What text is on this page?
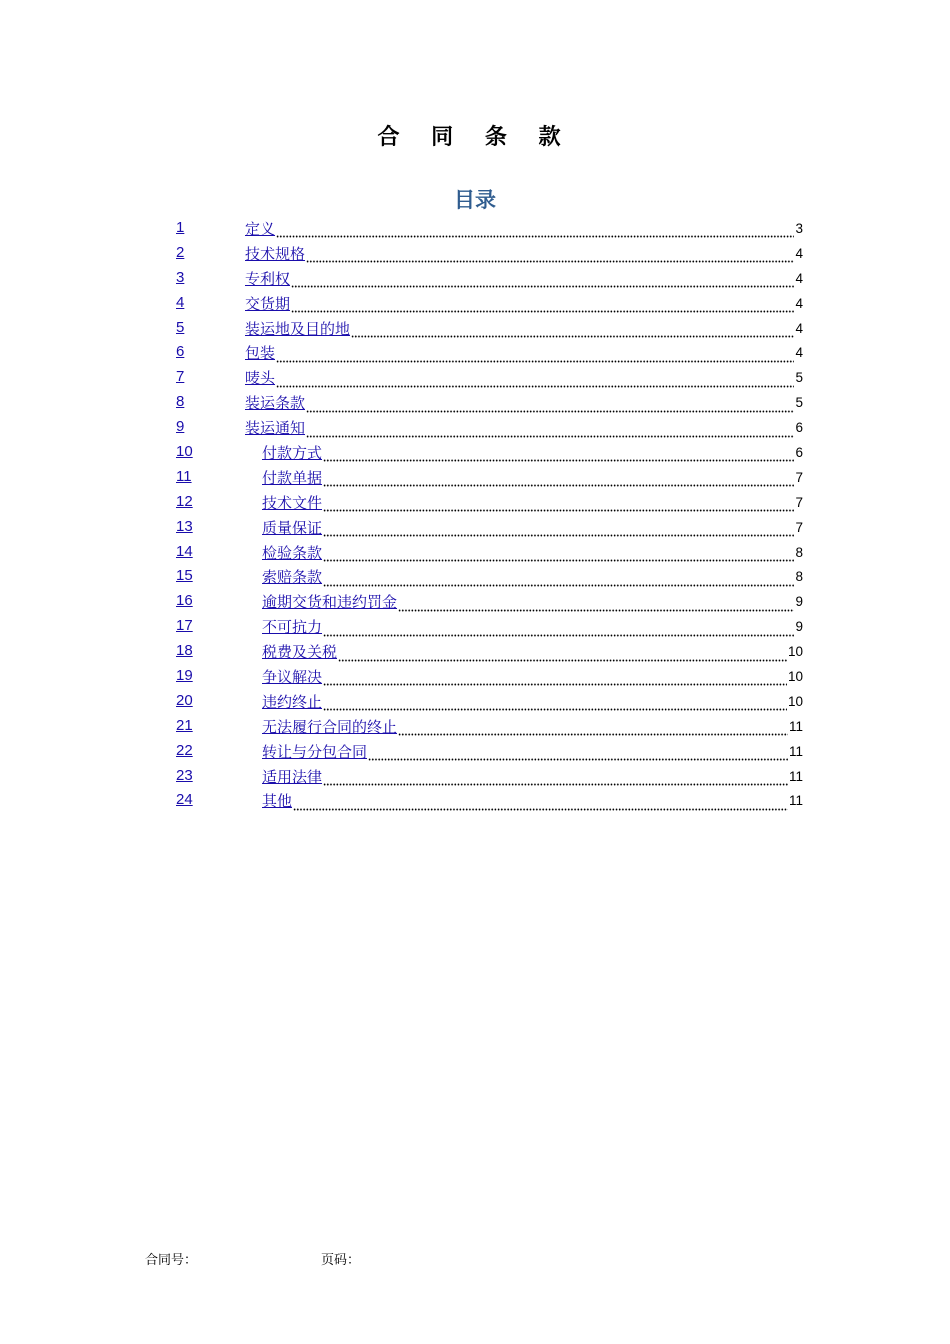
合 同 条 款
目录
1	定义	3
2	技术规格	4
3	专利权	4
4	交货期	4
5	装运地及目的地	4
6	包装	4
7	唛头	5
8	装运条款	5
9	装运通知	6
10	付款方式	6
11	付款单据	7
12	技术文件	7
13	质量保证	7
14	检验条款	8
15	索赔条款	8
16	逾期交货和违约罚金	9
17	不可抗力	9
18	税费及关税	10
19	争议解决	10
20	违约终止	10
21	无法履行合同的终止	11
22	转让与分包合同	11
23	适用法律	11
24	其他	11
合同号：	页码：
